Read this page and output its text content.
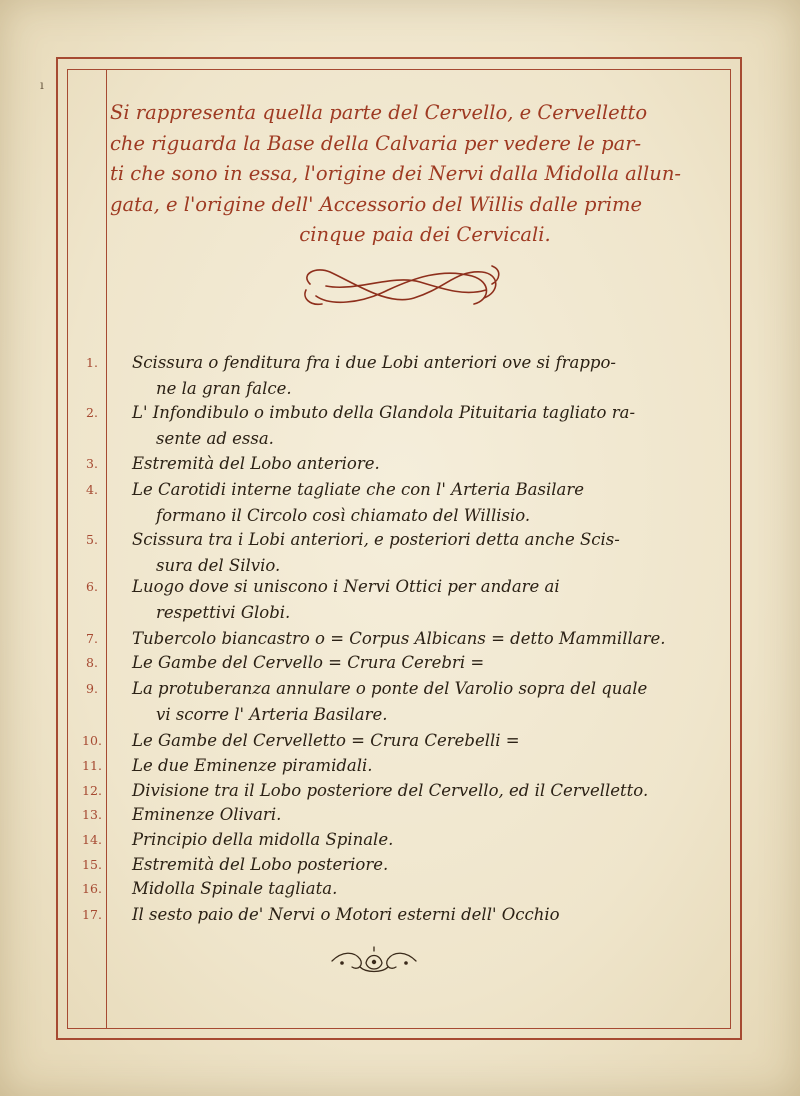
ı
Si rappresenta quella parte del Cervello, e Cervelletto
che riguarda la Base della Calvaria per vedere le par-
ti che sono in essa, l'origine dei Nervi dalla Midolla allun-
gata, e l'origine dell' Accessorio del Willis dalle prime
cinque paia dei Cervicali.
1.	Scissura o fenditura fra i due Lobi anteriori ove si frappo-
ne la gran falce.
2.	L' Infondibulo o imbuto della Glandola Pituitaria tagliato ra-
sente ad essa.
3.	Estremità del Lobo anteriore.
4.	Le Carotidi interne tagliate che con l' Arteria Basilare
formano il Circolo così chiamato del Willisio.
5.	Scissura tra i Lobi anteriori, e posteriori detta anche Scis-
sura del Silvio.
6.	Luogo dove si uniscono i Nervi Ottici per andare ai
respettivi Globi.
7.	Tubercolo biancastro o = Corpus Albicans = detto Mammillare.
8.	Le Gambe del Cervello = Crura Cerebri =
9.	La protuberanza annulare o ponte del Varolio sopra del quale
vi scorre l' Arteria Basilare.
10.	Le Gambe del Cervelletto = Crura Cerebelli =
11.	Le due Eminenze piramidali.
12.	Divisione tra il Lobo posteriore del Cervello, ed il Cervelletto.
13.	Eminenze Olivari.
14.	Principio della midolla Spinale.
15.	Estremità del Lobo posteriore.
16.	Midolla Spinale tagliata.
17.	Il sesto paio de' Nervi o Motori esterni dell' Occhio
